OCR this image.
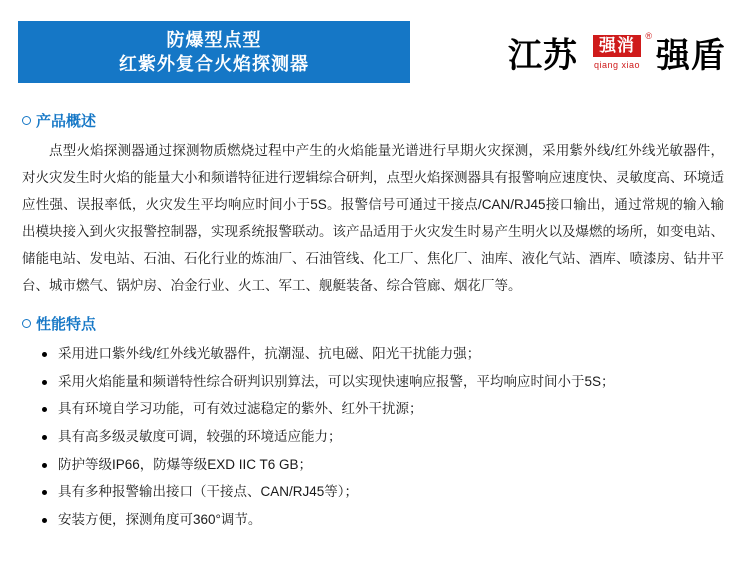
防爆型点型
红紫外复合火焰探测器	江苏
®
强消
qiang xiao 强盾
产品概述

点型火焰探测器通过探测物质燃烧过程中产生的火焰能量光谱进行早期火灾探测，采用紫外线/红外线光敏器件，对火灾发生时火焰的能量大小和频谱特征进行逻辑综合研判，点型火焰探测器具有报警响应速度快、灵敏度高、环境适应性强、误报率低，火灾发生平均响应时间小于5S。报警信号可通过干接点/CAN/RJ45接口输出，通过常规的输入输出模块接入到火灾报警控制器，实现系统报警联动。该产品适用于火灾发生时易产生明火以及爆燃的场所，如变电站、储能电站、发电站、石油、石化行业的炼油厂、石油管线、化工厂、焦化厂、油库、液化气站、酒库、喷漆房、钻井平台、城市燃气、锅炉房、冶金行业、火工、军工、舰艇装备、综合管廊、烟花厂等。

性能特点
采用进口紫外线/红外线光敏器件，抗潮湿、抗电磁、阳光干扰能力强；
采用火焰能量和频谱特性综合研判识别算法，可以实现快速响应报警，平均响应时间小于5S；
具有环境自学习功能，可有效过滤稳定的紫外、红外干扰源；
具有高多级灵敏度可调，较强的环境适应能力；
防护等级IP66，防爆等级EXD IIC T6 GB；
具有多种报警输出接口（干接点、CAN/RJ45等）；
安装方便，探测角度可360°调节。
